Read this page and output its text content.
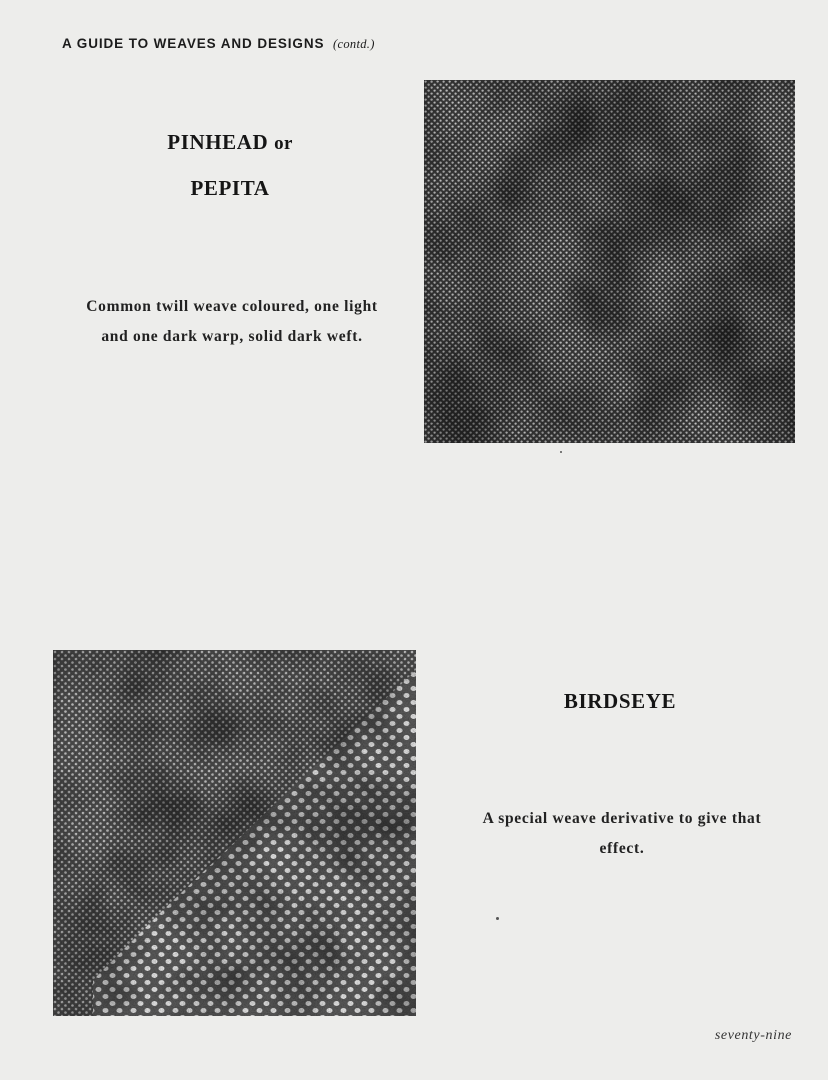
A GUIDE TO WEAVES AND DESIGNS (contd.)
PINHEAD or
PEPITA
Common twill weave coloured, one light
and one dark warp, solid dark weft.
BIRDSEYE
A special weave derivative to give that
effect.
seventy-nine
